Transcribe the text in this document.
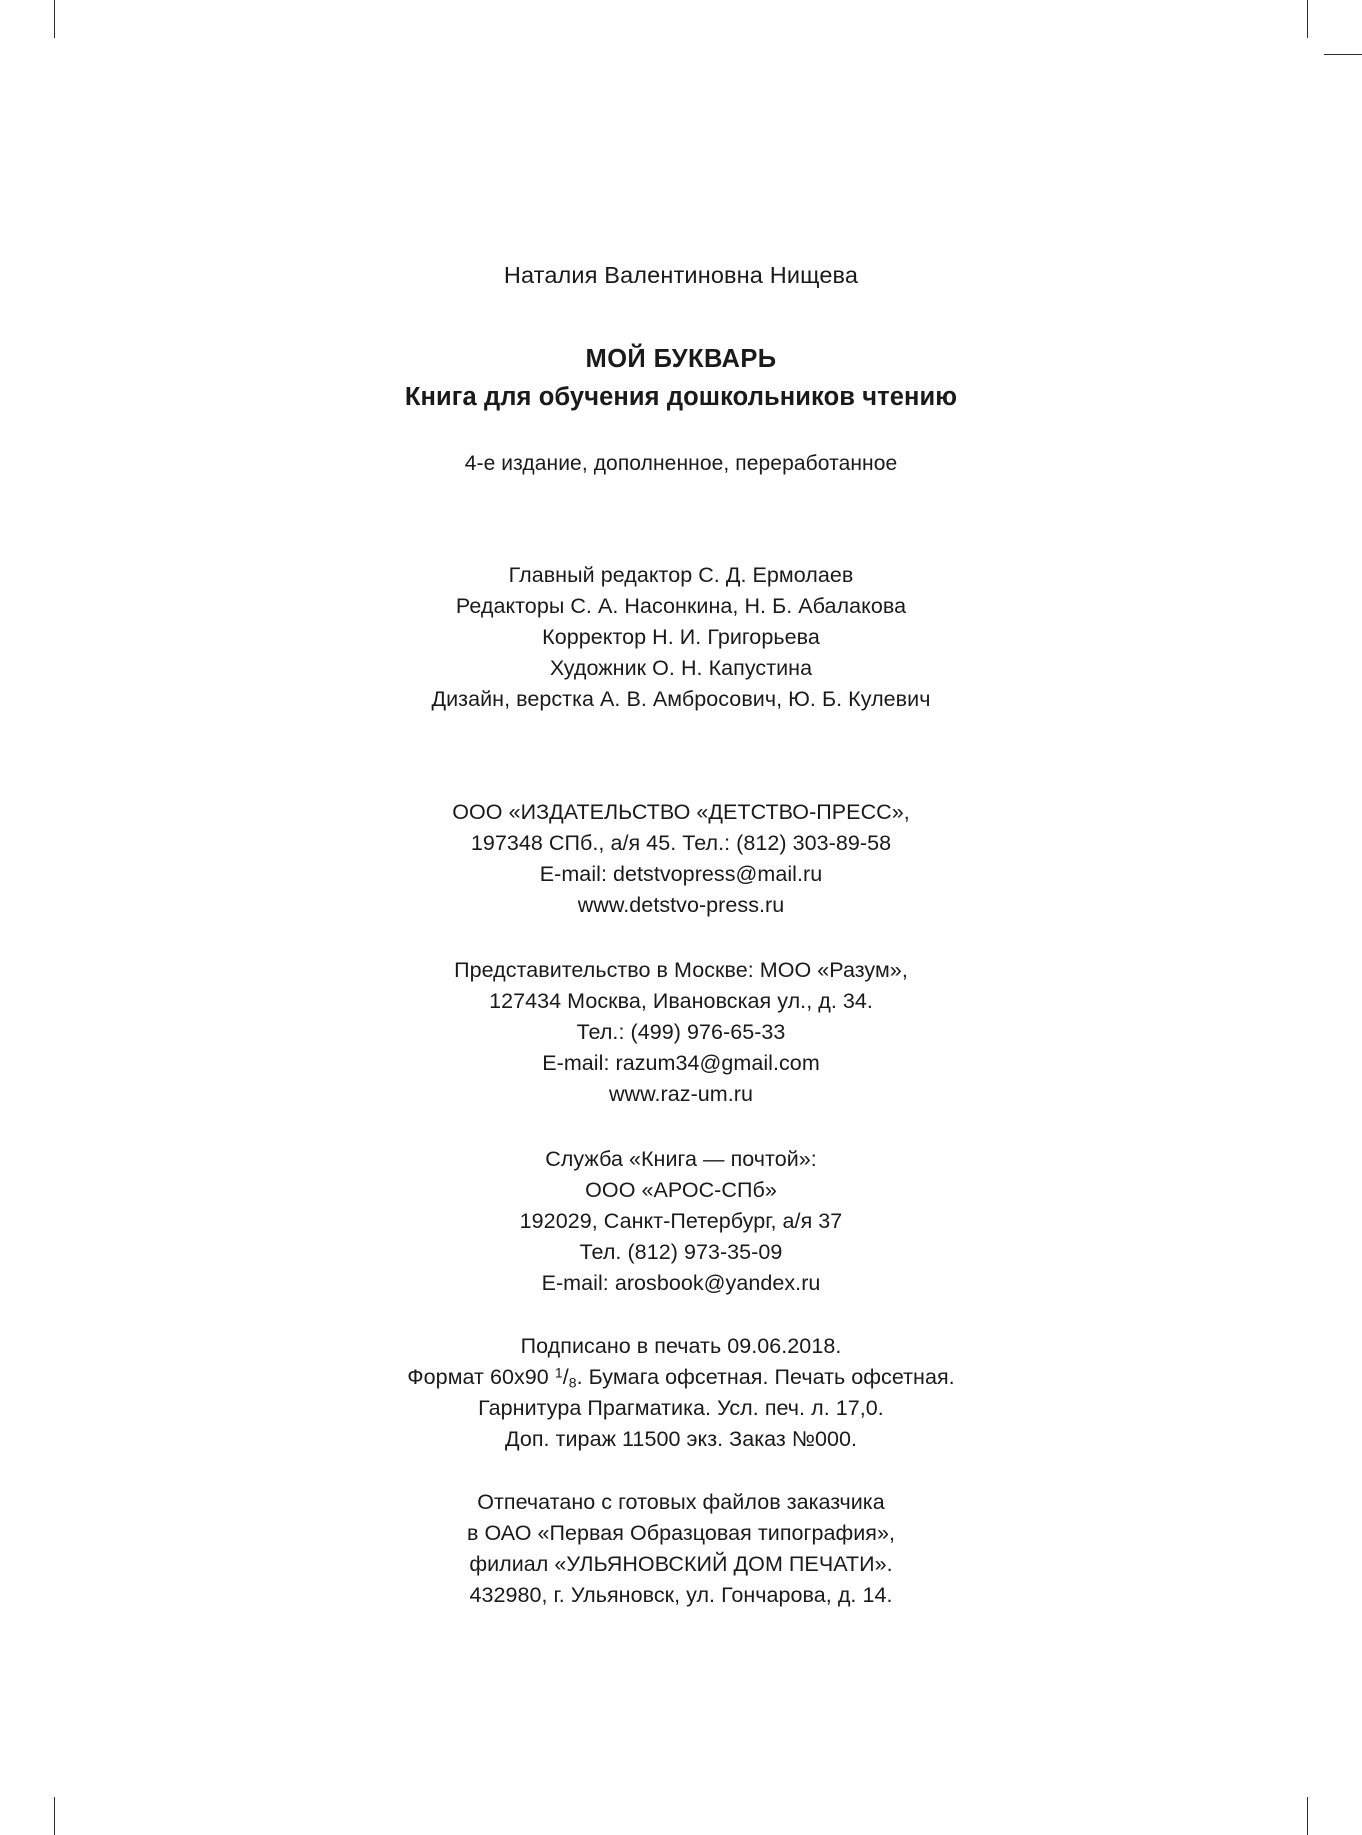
Наталия Валентиновна Нищева
МОЙ БУКВАРЬ
Книга для обучения дошкольников чтению
4-е издание, дополненное, переработанное
Главный редактор С. Д. Ермолаев
Редакторы С. А. Насонкина, Н. Б. Абалакова
Корректор Н. И. Григорьева
Художник О. Н. Капустина
Дизайн, верстка А. В. Амбросович, Ю. Б. Кулевич
ООО «ИЗДАТЕЛЬСТВО «ДЕТСТВО-ПРЕСС»,
197348 СПб., а/я 45. Тел.: (812) 303-89-58
E-mail: detstvopress@mail.ru
www.detstvo-press.ru
Представительство в Москве: МОО «Разум»,
127434 Москва, Ивановская ул., д. 34.
Тел.: (499) 976-65-33
E-mail: razum34@gmail.com
www.raz-um.ru
Служба «Книга — почтой»:
ООО «АРОС-СПб»
192029, Санкт-Петербург, а/я 37
Тел. (812) 973-35-09
E-mail: arosbook@yandex.ru
Подписано в печать 09.06.2018.
Формат 60х90 $^1/_8$. Бумага офсетная. Печать офсетная.
Гарнитура Прагматика. Усл. печ. л. 17,0.
Доп. тираж 11500 экз. Заказ №000.
Отпечатано с готовых файлов заказчика
в ОАО «Первая Образцовая типография»,
филиал «УЛЬЯНОВСКИЙ ДОМ ПЕЧАТИ».
432980, г. Ульяновск, ул. Гончарова, д. 14.
